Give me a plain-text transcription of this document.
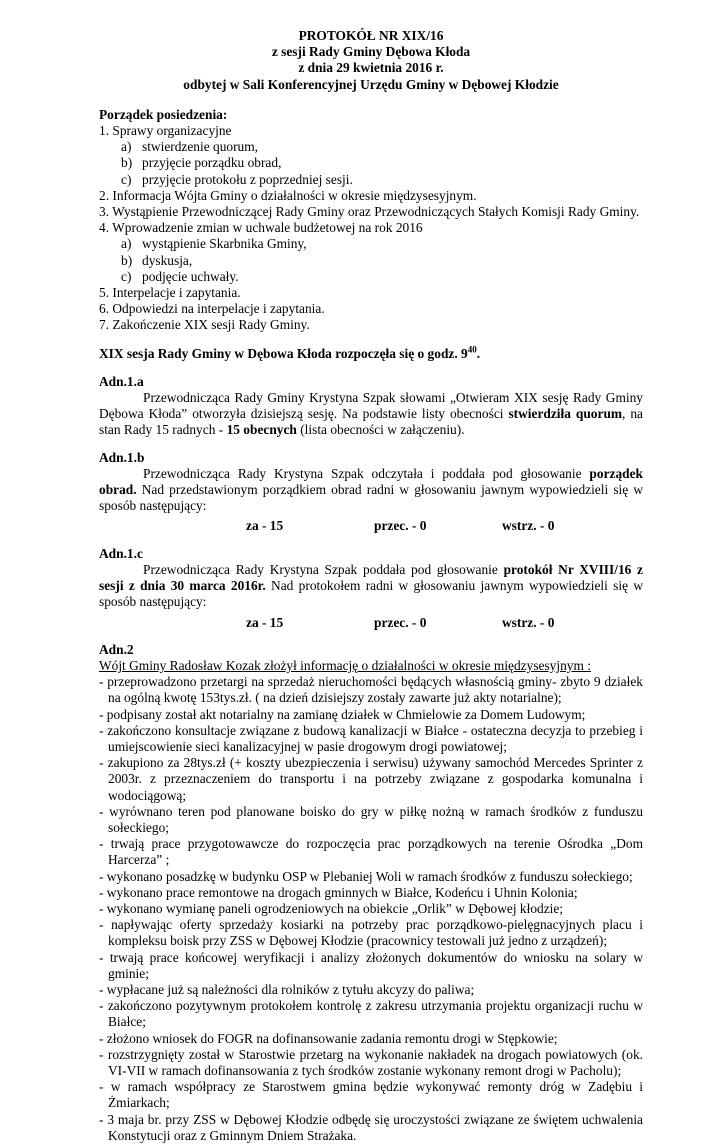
PROTOKÓŁ NR XIX/16
z sesji Rady Gminy Dębowa Kłoda
z dnia 29 kwietnia 2016 r.
odbytej w Sali Konferencyjnej Urzędu Gminy w Dębowej Kłodzie
Porządek posiedzenia:
1. Sprawy organizacyjne
a) stwierdzenie quorum,
b) przyjęcie porządku obrad,
c) przyjęcie protokołu z poprzedniej sesji.
2. Informacja Wójta Gminy o działalności w okresie międzysesyjnym.
3. Wystąpienie Przewodniczącej Rady Gminy oraz Przewodniczących Stałych Komisji Rady Gminy.
4. Wprowadzenie zmian w uchwale budżetowej na rok 2016
a) wystąpienie Skarbnika Gminy,
b) dyskusja,
c) podjęcie uchwały.
5. Interpelacje i zapytania.
6. Odpowiedzi na interpelacje i zapytania.
7. Zakończenie XIX sesji Rady Gminy.
XIX sesja Rady Gminy w Dębowa Kłoda rozpoczęła się o godz. $9^{40}$.
Adn.1.a
Przewodnicząca Rady Gminy Krystyna Szpak słowami „Otwieram XIX sesję Rady Gminy Dębowa Kłoda” otworzyła dzisiejszą sesję. Na podstawie listy obecności stwierdziła quorum, na stan Rady 15 radnych - 15 obecnych (lista obecności w załączeniu).
Adn.1.b
Przewodnicząca Rady Krystyna Szpak odczytała i poddała pod głosowanie porządek obrad. Nad przedstawionym porządkiem obrad radni w głosowaniu jawnym wypowiedzieli się w sposób następujący:
za - 15	przec. - 0	wstrz. - 0
Adn.1.c
Przewodnicząca Rady Krystyna Szpak poddała pod głosowanie protokół Nr XVIII/16 z sesji z dnia 30 marca 2016r. Nad protokołem radni w głosowaniu jawnym wypowiedzieli się w sposób następujący:
za - 15	przec. - 0	wstrz. - 0
Adn.2
Wójt Gminy Radosław Kozak złożył informację o działalności w okresie międzysesyjnym :
- przeprowadzono przetargi na sprzedaż nieruchomości będących własnością gminy- zbyto 9 działek na ogólną kwotę 153tys.zł. ( na dzień dzisiejszy zostały zawarte już akty notarialne);
- podpisany został akt notarialny na zamianę działek w Chmielowie za Domem Ludowym;
- zakończono konsultacje związane z budową kanalizacji w Białce - ostateczna decyzja to przebieg i umiejscowienie sieci kanalizacyjnej w pasie drogowym drogi powiatowej;
- zakupiono za 28tys.zł (+ koszty ubezpieczenia i serwisu) używany samochód Mercedes Sprinter z 2003r. z przeznaczeniem do transportu i na potrzeby związane z gospodarka komunalna i wodociągową;
- wyrównano teren pod planowane boisko do gry w piłkę nożną w ramach środków z funduszu sołeckiego;
- trwają prace przygotowawcze do rozpoczęcia prac porządkowych na terenie Ośrodka „Dom Harcerza” ;
- wykonano posadzkę w budynku OSP w Plebaniej Woli w ramach środków z funduszu sołeckiego;
- wykonano prace remontowe na drogach gminnych w Białce, Kodeńcu i Uhnin Kolonia;
- wykonano wymianę paneli ogrodzeniowych na obiekcie „Orlik” w Dębowej kłodzie;
- napływając oferty sprzedaży kosiarki na potrzeby prac porządkowo-pielęgnacyjnych placu i kompleksu boisk przy ZSS w Dębowej Kłodzie (pracownicy testowali już jedno z urządzeń);
- trwają prace końcowej weryfikacji i analizy złożonych dokumentów do wniosku na solary w gminie;
- wypłacane już są należności dla rolników z tytułu akcyzy do paliwa;
- zakończono pozytywnym protokołem kontrolę z zakresu utrzymania projektu organizacji ruchu w Białce;
- złożono wniosek do FOGR na dofinansowanie zadania remontu drogi w Stępkowie;
- rozstrzygnięty został w Starostwie przetarg na wykonanie nakładek na drogach powiatowych (ok. VI-VII w ramach dofinansowania z tych środków zostanie wykonany remont drogi w Pacholu);
- w ramach współpracy ze Starostwem gmina będzie wykonywać remonty dróg w Zadębiu i Żmiarkach;
- 3 maja br. przy ZSS w Dębowej Kłodzie odbędę się uroczystości związane ze świętem uchwalenia Konstytucji oraz z Gminnym Dniem Strażaka.
